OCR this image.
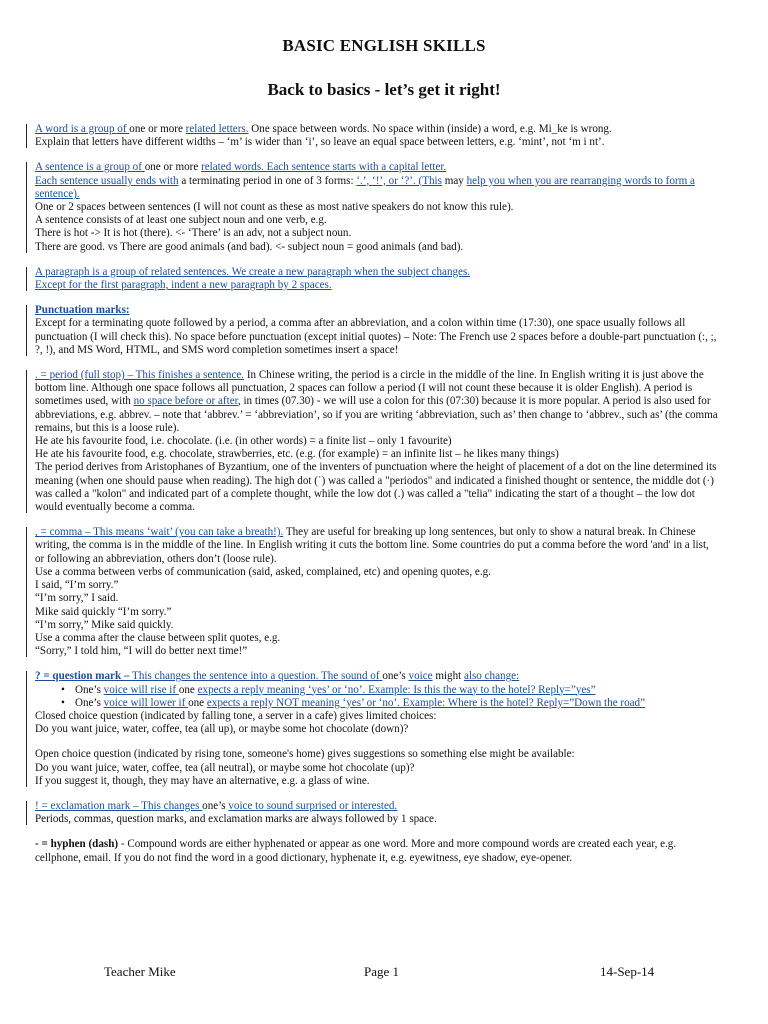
BASIC ENGLISH SKILLS
Back to basics - let’s get it right!

A word is a group of one or more related letters. One space between words. No space within (inside) a word, e.g. Mi_ke is wrong.

Explain that letters have different widths – ‘m’ is wider than ‘i’, so leave an equal space between letters, e.g. ‘mint’, not ‘m i nt’.

A sentence is a group of one or more related words. Each sentence starts with a capital letter.

Each sentence usually ends with a terminating period in one of 3 forms: ‘.’, ‘!’, or ‘?’. (This may help you when you are rearranging words to form a sentence).

One or 2 spaces between sentences (I will not count as these as most native speakers do not know this rule).

A sentence consists of at least one subject noun and one verb, e.g.

There is hot -> It is hot (there). <- ‘There’ is an adv, not a subject noun.

There are good. vs There are good animals (and bad). <- subject noun = good animals (and bad).

A paragraph is a group of related sentences. We create a new paragraph when the subject changes.

Except for the first paragraph, indent a new paragraph by 2 spaces.

Punctuation marks:

Except for a terminating quote followed by a period, a comma after an abbreviation, and a colon within time (17:30), one space usually follows all punctuation (I will check this). No space before punctuation (except initial quotes) – Note: The French use 2 spaces before a double-part punctuation (:, ;, ?, !), and MS Word, HTML, and SMS word completion sometimes insert a space!

. = period (full stop) – This finishes a sentence. In Chinese writing, the period is a circle in the middle of the line. In English writing it is just above the bottom line. Although one space follows all punctuation, 2 spaces can follow a period (I will not count these because it is older English). A period is sometimes used, with no space before or after, in times (07.30) - we will use a colon for this (07:30) because it is more popular. A period is also used for abbreviations, e.g. abbrev. – note that ‘abbrev.’ = ‘abbreviation’, so if you are writing ‘abbreviation, such as’ then change to ‘abbrev., such as’ (the comma remains, but this is a loose rule).

He ate his favourite food, i.e. chocolate. (i.e. (in other words) = a finite list – only 1 favourite)

He ate his favourite food, e.g. chocolate, strawberries, etc. (e.g. (for example) = an infinite list – he likes many things)

The period derives from Aristophanes of Byzantium, one of the inventers of punctuation where the height of placement of a dot on the line determined its meaning (when one should pause when reading). The high dot (˙) was called a "periodos" and indicated a finished thought or sentence, the middle dot (·) was called a "kolon" and indicated part of a complete thought, while the low dot (.) was called a "telia" indicating the start of a thought – the low dot would eventually become a comma.

, = comma – This means ‘wait’ (you can take a breath!). They are useful for breaking up long sentences, but only to show a natural break. In Chinese writing, the comma is in the middle of the line. In English writing it cuts the bottom line. Some countries do put a comma before the word 'and' in a list, or following an abbreviation, others don’t (loose rule).

Use a comma between verbs of communication (said, asked, complained, etc) and opening quotes, e.g.

I said, “I’m sorry.”

“I’m sorry,” I said.

Mike said quickly “I’m sorry.”

“I’m sorry,” Mike said quickly.

Use a comma after the clause between split quotes, e.g.

“Sorry,” I told him, “I will do better next time!”

? = question mark – This changes the sentence into a question. The sound of one’s voice might also change:

• One’s voice will rise if one expects a reply meaning ‘yes’ or ‘no’. Example: Is this the way to the hotel? Reply=”yes”
• One’s voice will lower if one expects a reply NOT meaning ‘yes’ or ‘no’. Example: Where is the hotel? Reply=”Down the road”

Closed choice question (indicated by falling tone, a server in a cafe) gives limited choices:

Do you want juice, water, coffee, tea (all up), or maybe some hot chocolate (down)?

Open choice question (indicated by rising tone, someone's home) gives suggestions so something else might be available:

Do you want juice, water, coffee, tea (all neutral), or maybe some hot chocolate (up)?

If you suggest it, though, they may have an alternative, e.g. a glass of wine.

! = exclamation mark – This changes one’s voice to sound surprised or interested.

Periods, commas, question marks, and exclamation marks are always followed by 1 space.

- = hyphen (dash) - Compound words are either hyphenated or appear as one word. More and more compound words are created each year, e.g. cellphone, email. If you do not find the word in a good dictionary, hyphenate it, e.g. eyewitness, eye shadow, eye-opener.

Teacher Mike	Page 1	14-Sep-14
